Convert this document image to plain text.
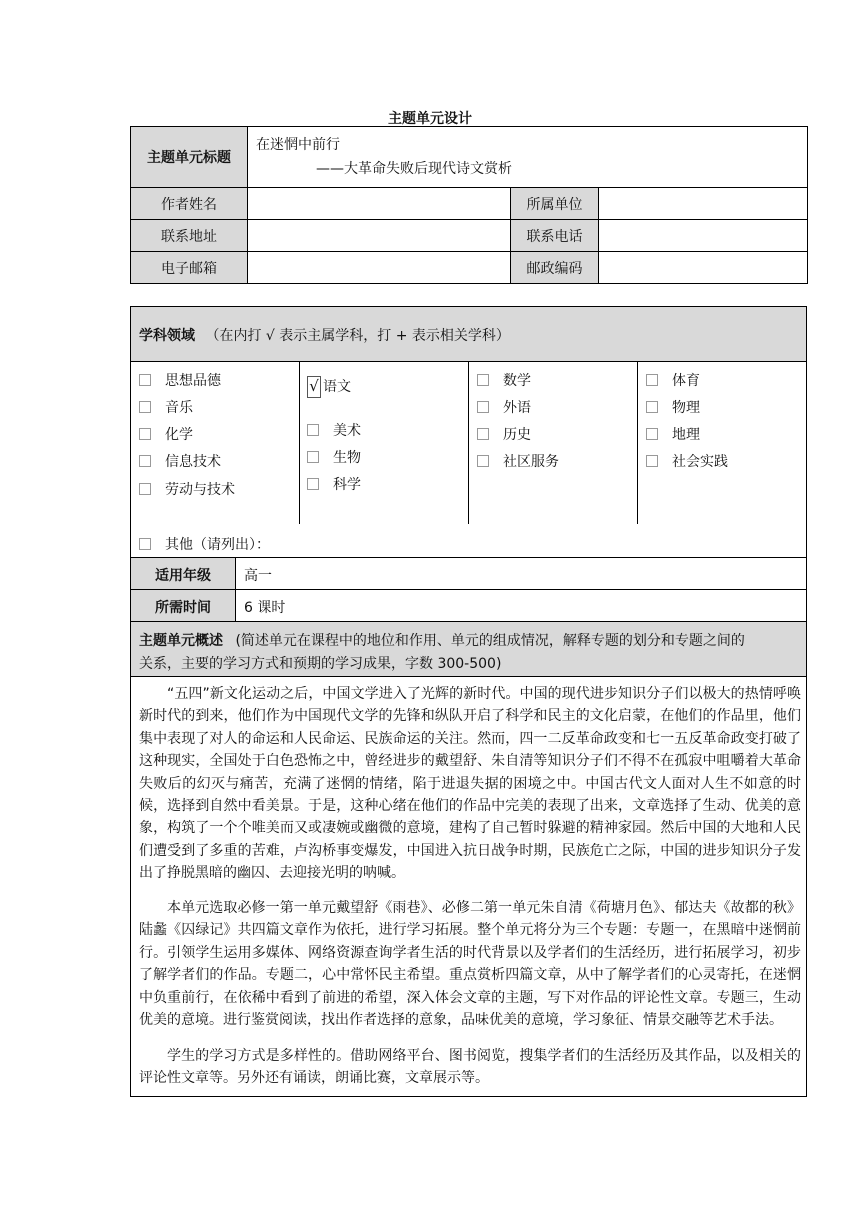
主题单元设计
主题单元标题	在迷惘中前行
——大革命失败后现代诗文赏析		

作者姓名		所属单位	
联系地址		联系电话	
电子邮箱		邮政编码	
学科领域 （在内打 √ 表示主属学科，打 + 表示相关学科）
思想品德
音乐
化学
信息技术
劳动与技术
√ 语文
美术
生物
科学
数学
外语
历史
社区服务
体育
物理
地理
社会实践
其他（请列出）：
适用年级	高一
所需时间	6 课时
主题单元概述 (简述单元在课程中的地位和作用、单元的组成情况，解释专题的划分和专题之间的
关系，主要的学习方式和预期的学习成果，字数 300-500)

“五四”新文化运动之后，中国文学进入了光辉的新时代。中国的现代进步知识分子们以极大的热情呼唤新时代的到来，他们作为中国现代文学的先锋和纵队开启了科学和民主的文化启蒙，在他们的作品里，他们集中表现了对人的命运和人民命运、民族命运的关注。然而，四一二反革命政变和七一五反革命政变打破了这种现实，全国处于白色恐怖之中，曾经进步的戴望舒、朱自清等知识分子们不得不在孤寂中咀嚼着大革命失败后的幻灭与痛苦，充满了迷惘的情绪，陷于进退失据的困境之中。中国古代文人面对人生不如意的时候，选择到自然中看美景。于是，这种心绪在他们的作品中完美的表现了出来，文章选择了生动、优美的意象，构筑了一个个唯美而又或凄婉或幽微的意境，建构了自己暂时躲避的精神家园。然后中国的大地和人民们遭受到了多重的苦难，卢沟桥事变爆发，中国进入抗日战争时期，民族危亡之际，中国的进步知识分子发出了挣脱黑暗的幽囚、去迎接光明的呐喊。

本单元选取必修一第一单元戴望舒《雨巷》、必修二第一单元朱自清《荷塘月色》、郁达夫《故都的秋》陆蠡《囚绿记》共四篇文章作为依托，进行学习拓展。整个单元将分为三个专题：专题一，在黑暗中迷惘前行。引领学生运用多媒体、网络资源查询学者生活的时代背景以及学者们的生活经历，进行拓展学习，初步了解学者们的作品。专题二，心中常怀民主希望。重点赏析四篇文章，从中了解学者们的心灵寄托，在迷惘中负重前行，在依稀中看到了前进的希望，深入体会文章的主题，写下对作品的评论性文章。专题三，生动优美的意境。进行鉴赏阅读，找出作者选择的意象，品味优美的意境，学习象征、情景交融等艺术手法。

学生的学习方式是多样性的。借助网络平台、图书阅览，搜集学者们的生活经历及其作品，以及相关的评论性文章等。另外还有诵读，朗诵比赛，文章展示等。
